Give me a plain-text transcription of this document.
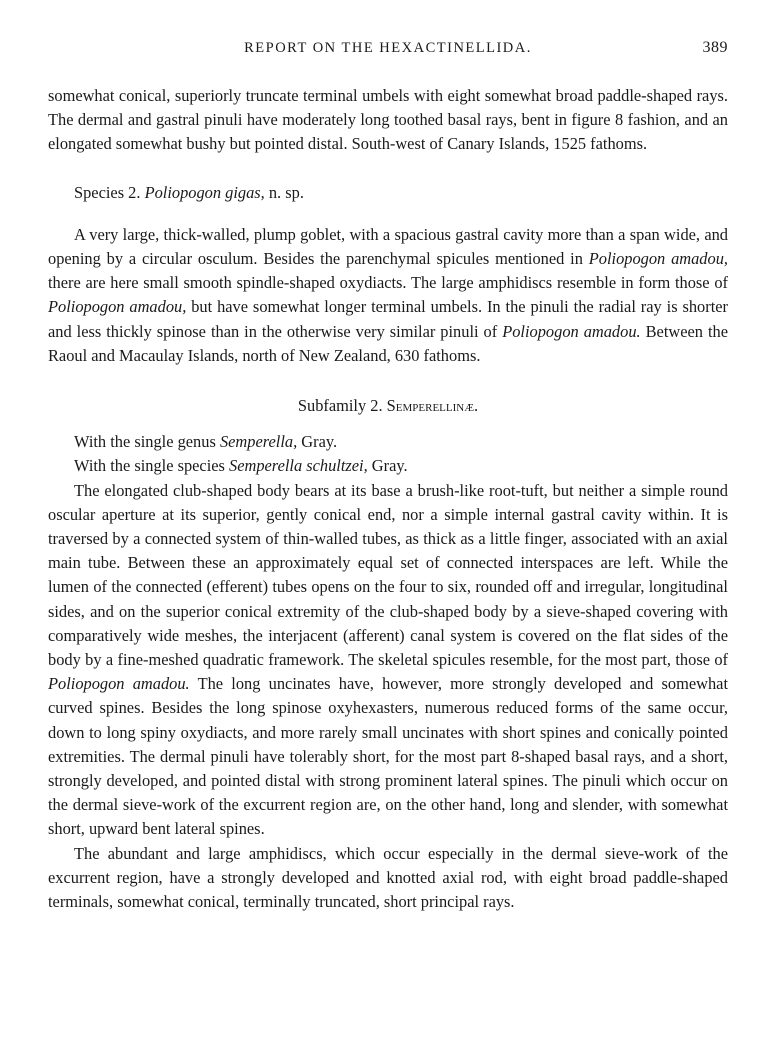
REPORT ON THE HEXACTINELLIDA.	389

somewhat conical, superiorly truncate terminal umbels with eight somewhat broad paddle-shaped rays. The dermal and gastral pinuli have moderately long toothed basal rays, bent in figure 8 fashion, and an elongated somewhat bushy but pointed distal. South-west of Canary Islands, 1525 fathoms.

Species 2. Poliopogon gigas, n. sp.

A very large, thick-walled, plump goblet, with a spacious gastral cavity more than a span wide, and opening by a circular osculum. Besides the parenchymal spicules mentioned in Poliopogon amadou, there are here small smooth spindle-shaped oxydiacts. The large amphidiscs resemble in form those of Poliopogon amadou, but have somewhat longer terminal umbels. In the pinuli the radial ray is shorter and less thickly spinose than in the otherwise very similar pinuli of Poliopogon amadou. Between the Raoul and Macaulay Islands, north of New Zealand, 630 fathoms.

Subfamily 2. Semperellinæ.

With the single genus Semperella, Gray.

With the single species Semperella schultzei, Gray.

The elongated club-shaped body bears at its base a brush-like root-tuft, but neither a simple round oscular aperture at its superior, gently conical end, nor a simple internal gastral cavity within. It is traversed by a connected system of thin-walled tubes, as thick as a little finger, associated with an axial main tube. Between these an approximately equal set of connected interspaces are left. While the lumen of the connected (efferent) tubes opens on the four to six, rounded off and irregular, longitudinal sides, and on the superior conical extremity of the club-shaped body by a sieve-shaped covering with comparatively wide meshes, the interjacent (afferent) canal system is covered on the flat sides of the body by a fine-meshed quadratic framework. The skeletal spicules resemble, for the most part, those of Poliopogon amadou. The long uncinates have, however, more strongly developed and somewhat curved spines. Besides the long spinose oxyhexasters, numerous reduced forms of the same occur, down to long spiny oxydiacts, and more rarely small uncinates with short spines and conically pointed extremities. The dermal pinuli have tolerably short, for the most part 8-shaped basal rays, and a short, strongly developed, and pointed distal with strong prominent lateral spines. The pinuli which occur on the dermal sieve-work of the excurrent region are, on the other hand, long and slender, with somewhat short, upward bent lateral spines.

The abundant and large amphidiscs, which occur especially in the dermal sieve-work of the excurrent region, have a strongly developed and knotted axial rod, with eight broad paddle-shaped terminals, somewhat conical, terminally truncated, short principal rays.
